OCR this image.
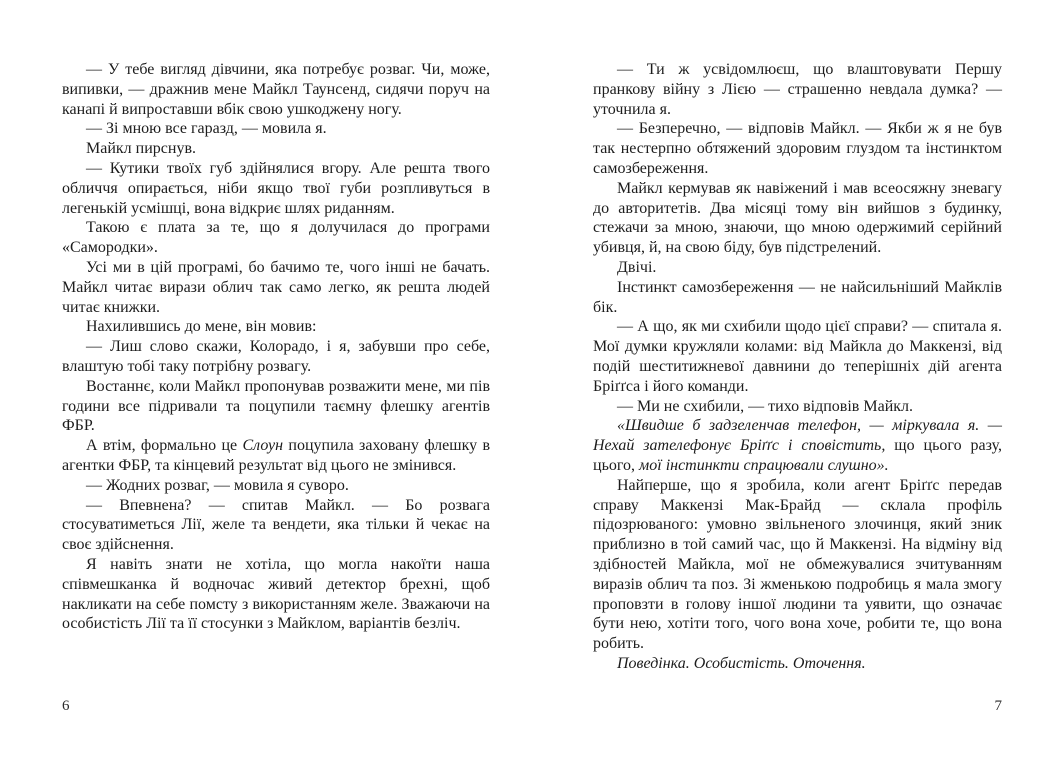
— У тебе вигляд дівчини, яка потребує розваг. Чи, може, випивки, — дражнив мене Майкл Таунсенд, сидячи поруч на канапі й випроставши вбік свою ушкоджену ногу.

— Зі мною все гаразд, — мовила я.

Майкл пирснув.

— Кутики твоїх губ здійнялися вгору. Але решта твого обличчя опирається, ніби якщо твої губи розпливуться в легенькій усмішці, вона відкриє шлях риданням.

Такою є плата за те, що я долучилася до програми «Самородки».

Усі ми в цій програмі, бо бачимо те, чого інші не бачать. Майкл читає вирази облич так само легко, як решта людей читає книжки.

Нахилившись до мене, він мовив:

— Лиш слово скажи, Колорадо, і я, забувши про себе, влаштую тобі таку потрібну розвагу.

Востаннє, коли Майкл пропонував розважити мене, ми пів години все підривали та поцупили таємну флешку агентів ФБР.

А втім, формально це Слоун поцупила заховану флешку в агентки ФБР, та кінцевий результат від цього не змінився.

— Жодних розваг, — мовила я суворо.

— Впевнена? — спитав Майкл. — Бо розвага стосуватиметься Лії, желе та вендети, яка тільки й чекає на своє здійснення.

Я навіть знати не хотіла, що могла накоїти наша співмешканка й водночас живий детектор брехні, щоб накликати на себе помсту з використанням желе. Зважаючи на особистість Лії та її стосунки з Майклом, варіантів безліч.

— Ти ж усвідомлюєш, що влаштовувати Першу пранкову війну з Лією — страшенно невдала думка? — уточнила я.

— Безперечно, — відповів Майкл. — Якби ж я не був так нестерпно обтяжений здоровим глуздом та інстинктом самозбереження.

Майкл кермував як навіжений і мав всеосяжну зневагу до авторитетів. Два місяці тому він вийшов з будинку, стежачи за мною, знаючи, що мною одержимий серійний убивця, й, на свою біду, був підстрелений.

Двічі.

Інстинкт самозбереження — не найсильніший Майклів бік.

— А що, як ми схибили щодо цієї справи? — спитала я. Мої думки кружляли колами: від Майкла до Маккензі, від подій шеститижневої давнини до теперішніх дій агента Бріґґса і його команди.

— Ми не схибили, — тихо відповів Майкл.

«Швидше б задзеленчав телефон, — міркувала я. — Нехай зателефонує Бріґґс і сповістить, що цього разу, цього, мої інстинкти спрацювали слушно».

Найперше, що я зробила, коли агент Бріґґс передав справу Маккензі Мак-Брайд — склала профіль підозрюваного: умовно звільненого злочинця, який зник приблизно в той самий час, що й Маккензі. На відміну від здібностей Майкла, мої не обмежувалися зчитуванням виразів облич та поз. Зі жменькою подробиць я мала змогу проповзти в голову іншої людини та уявити, що означає бути нею, хотіти того, чого вона хоче, робити те, що вона робить.

Поведінка. Особистість. Оточення.

6	7
